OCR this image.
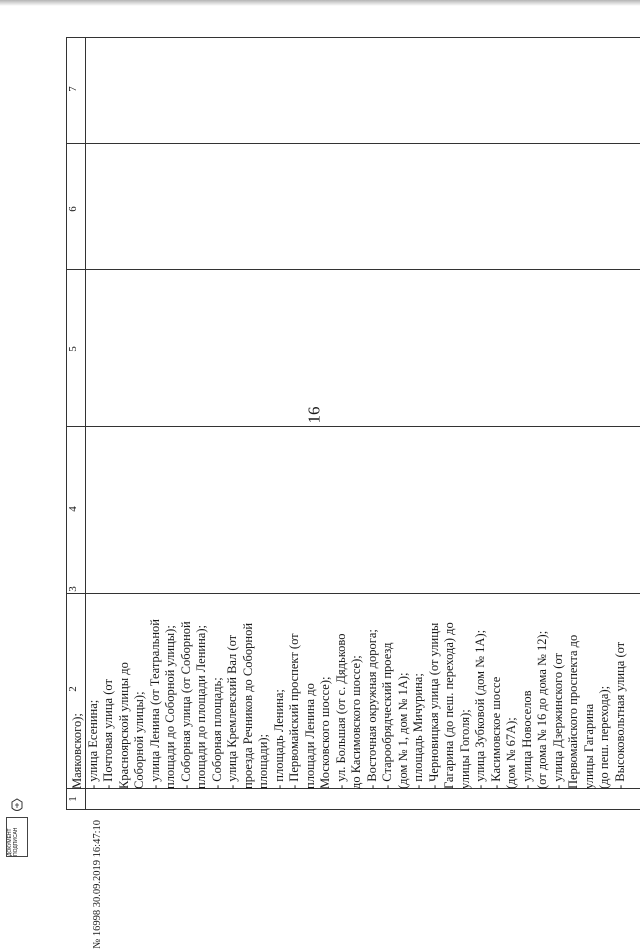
16
1
2
3
4
5
6
7
Маяковского); - улица Есенина; - Почтовая улица (от Красноярской улицы до Соборной улицы); - улица Ленина (от Театральной площади до Соборной улицы); - Соборная улица (от Соборной площади до площади Ленина); - Соборная площадь; - улица Кремлевский Вал (от проезда Речников до Соборной площади); - площадь Ленина; - Первомайский проспект (от площади Ленина до Московского шоссе); - ул. Большая (от с. Дядьково до Касимовского шоссе); - Восточная окружная дорога; - Старообрядческий проезд (дом № 1, дом № 1А); - площадь Мичурина; - Черновицкая улица (от улицы Гагарина (до пеш. перехода) до улицы Гоголя); - улица Зубковой (дом № 1А); - Касимовское шоссе (дом № 67А); - улица Новоселов (от дома № 16 до дома № 12); - улица Дзержинского (от Первомайского проспекта до улицы Гагарина (до пеш. перехода); - Высоковольтная улица (от
ДОКУМЕНТ ПОДПИСАН	№ 16998 30.09.2019 16:47:10
